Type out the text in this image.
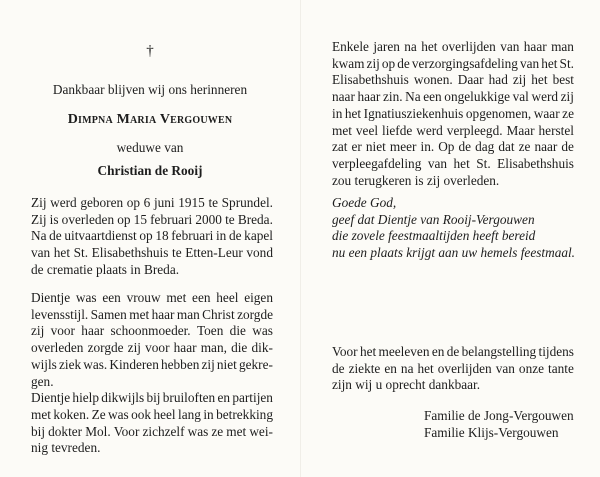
†
Dankbaar blijven wij ons herinneren
Dimpna Maria Vergouwen
weduwe van
Christian de Rooij
Zij werd geboren op 6 juni 1915 te Sprundel.
Zij is overleden op 15 februari 2000 te Breda.
Na de uitvaartdienst op 18 februari in de kapel
van het St. Elisabethshuis te Etten-Leur vond
de crematie plaats in Breda.
Dientje was een vrouw met een heel eigen
levensstijl. Samen met haar man Christ zorgde
zij voor haar schoonmoeder. Toen die was
overleden zorgde zij voor haar man, die dik-
wijls ziek was. Kinderen hebben zij niet gekre-
gen.
Dientje hielp dikwijls bij bruiloften en partijen
met koken. Ze was ook heel lang in betrekking
bij dokter Mol. Voor zichzelf was ze met wei-
nig tevreden.
Enkele jaren na het overlijden van haar man
kwam zij op de verzorgingsafdeling van het St.
Elisabethshuis wonen. Daar had zij het best
naar haar zin. Na een ongelukkige val werd zij
in het Ignatiusziekenhuis opgenomen, waar ze
met veel liefde werd verpleegd. Maar herstel
zat er niet meer in. Op de dag dat ze naar de
verpleegafdeling van het St. Elisabethshuis
zou terugkeren is zij overleden.
Goede God,
geef dat Dientje van Rooij-Vergouwen
die zovele feestmaaltijden heeft bereid
nu een plaats krijgt aan uw hemels feestmaal.
Voor het meeleven en de belangstelling tijdens
de ziekte en na het overlijden van onze tante
zijn wij u oprecht dankbaar.
Familie de Jong-Vergouwen
Familie Klijs-Vergouwen
